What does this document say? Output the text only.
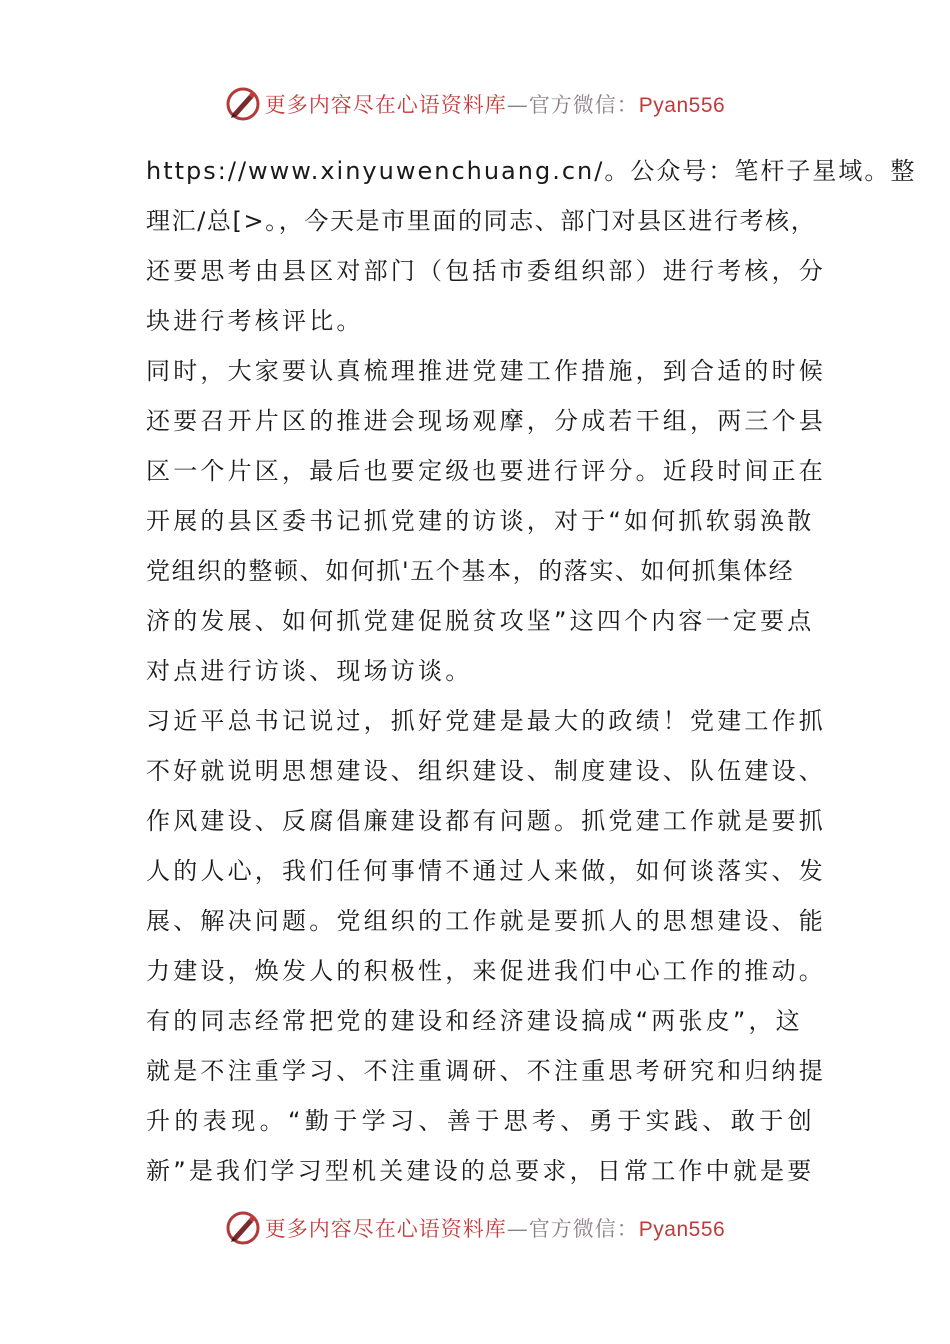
更多内容尽在心语资料库—官方微信：Pyan556
https://www.xinyuwenchuang.cn/。公众号：笔杆子星域。整
理汇/总[>。，今天是市里面的同志、部门对县区进行考核，
还要思考由县区对部门（包括市委组织部）进行考核，分
块进行考核评比。
同时，大家要认真梳理推进党建工作措施，到合适的时候
还要召开片区的推进会现场观摩，分成若干组，两三个县
区一个片区，最后也要定级也要进行评分。近段时间正在
开展的县区委书记抓党建的访谈，对于“如何抓软弱涣散
党组织的整顿、如何抓'五个基本，的落实、如何抓集体经
济的发展、如何抓党建促脱贫攻坚”这四个内容一定要点
对点进行访谈、现场访谈。
习近平总书记说过，抓好党建是最大的政绩！党建工作抓
不好就说明思想建设、组织建设、制度建设、队伍建设、
作风建设、反腐倡廉建设都有问题。抓党建工作就是要抓
人的人心，我们任何事情不通过人来做，如何谈落实、发
展、解决问题。党组织的工作就是要抓人的思想建设、能
力建设，焕发人的积极性，来促进我们中心工作的推动。
有的同志经常把党的建设和经济建设搞成“两张皮”，这
就是不注重学习、不注重调研、不注重思考研究和归纳提
升的表现。“勤于学习、善于思考、勇于实践、敢于创
新”是我们学习型机关建设的总要求，日常工作中就是要
更多内容尽在心语资料库—官方微信：Pyan556
